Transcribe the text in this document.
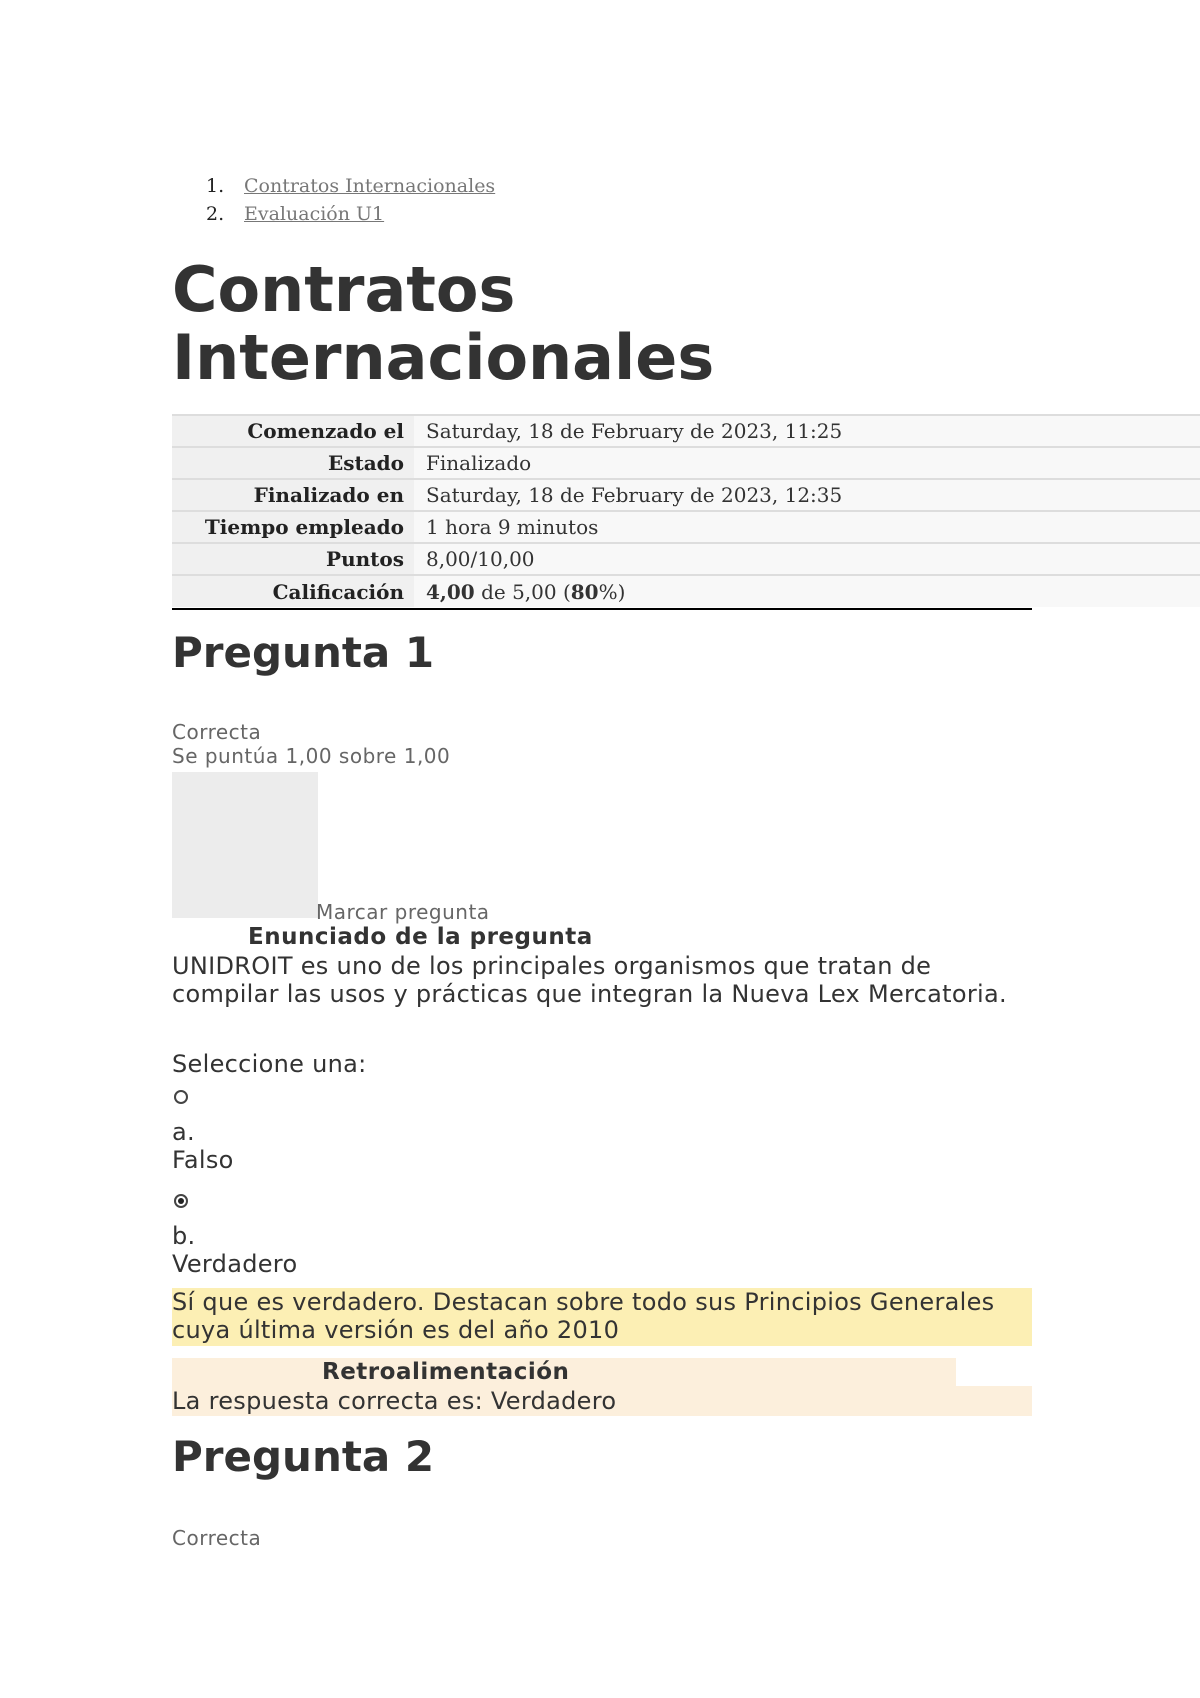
1. Contratos Internacionales
2. Evaluación U1
Contratos Internacionales
Comenzado el	Saturday, 18 de February de 2023, 11:25
Estado	Finalizado
Finalizado en	Saturday, 18 de February de 2023, 12:35
Tiempo empleado	1 hora 9 minutos
Puntos	8,00/10,00
Calificación	4,00 de 5,00 (80%)
Pregunta 1
Correcta
Se puntúa 1,00 sobre 1,00
Marcar pregunta
Enunciado de la pregunta
UNIDROIT es uno de los principales organismos que tratan de compilar las usos y prácticas que integran la Nueva Lex Mercatoria.
Seleccione una:
a.
Falso
b.
Verdadero
Sí que es verdadero. Destacan sobre todo sus Principios Generales cuya última versión es del año 2010
Retroalimentación
La respuesta correcta es: Verdadero
Pregunta 2
Correcta
